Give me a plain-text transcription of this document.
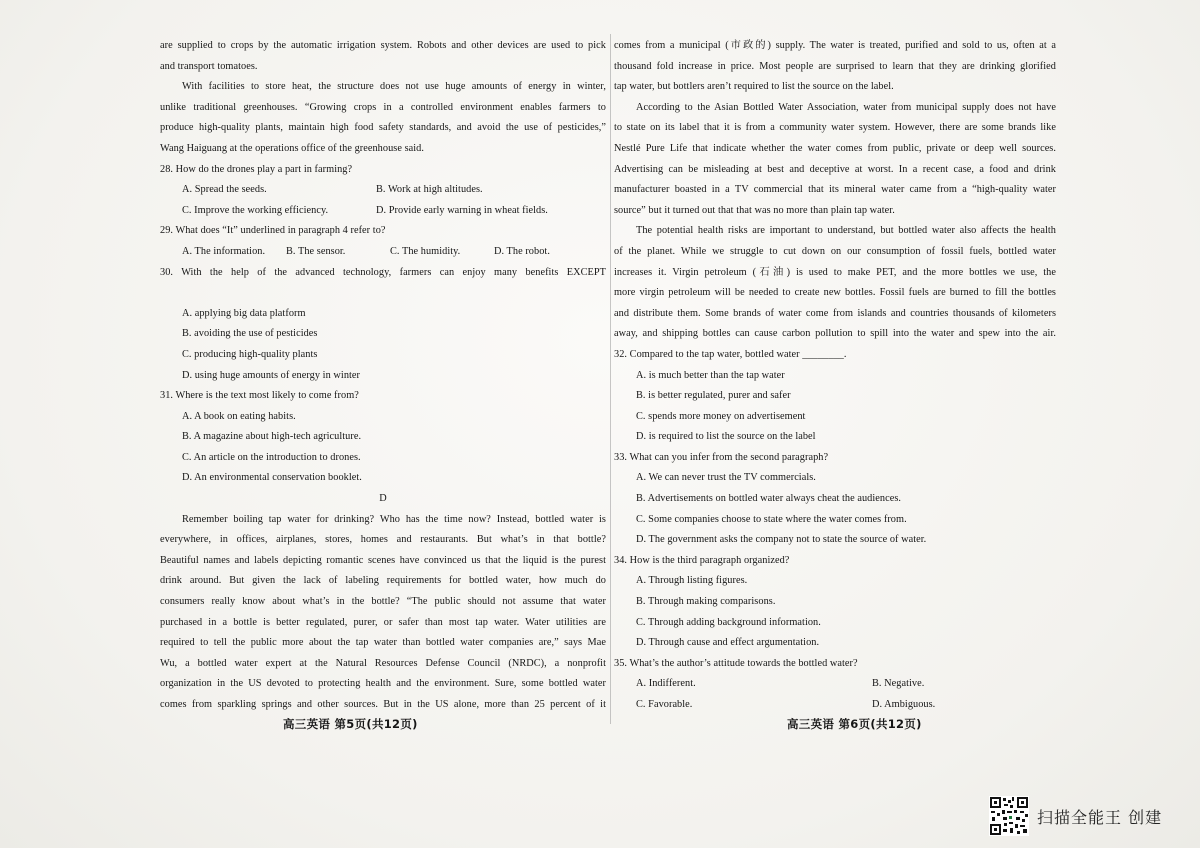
are supplied to crops by the automatic irrigation system. Robots and other devices are used to pick
and transport tomatoes.
With facilities to store heat, the structure does not use huge amounts of energy in winter,
unlike traditional greenhouses. “Growing crops in a controlled environment enables farmers to
produce high-quality plants, maintain high food safety standards, and avoid the use of pesticides,”
Wang Haiguang at the operations office of the greenhouse said.
28. How do the drones play a part in farming?
A. Spread the seeds.	B. Work at high altitudes.
C. Improve the working efficiency.	D. Provide early warning in wheat fields.
29. What does “It” underlined in paragraph 4 refer to?
A. The information.	B. The sensor.	C. The humidity.	D. The robot.
30. With the help of the advanced technology, farmers can enjoy many benefits EXCEPT

A. applying big data platform
B. avoiding the use of pesticides
C. producing high-quality plants
D. using huge amounts of energy in winter
31. Where is the text most likely to come from?
A. A book on eating habits.
B. A magazine about high-tech agriculture.
C. An article on the introduction to drones.
D. An environmental conservation booklet.
D
Remember boiling tap water for drinking? Who has the time now? Instead, bottled water is
everywhere, in offices, airplanes, stores, homes and restaurants. But what’s in that bottle?
Beautiful names and labels depicting romantic scenes have convinced us that the liquid is the purest
drink around. But given the lack of labeling requirements for bottled water, how much do
consumers really know about what’s in the bottle? “The public should not assume that water
purchased in a bottle is better regulated, purer, or safer than most tap water. Water utilities are
required to tell the public more about the tap water than bottled water companies are,” says Mae
Wu, a bottled water expert at the Natural Resources Defense Council (NRDC), a nonprofit
organization in the US devoted to protecting health and the environment. Sure, some bottled water
comes from sparkling springs and other sources. But in the US alone, more than 25 percent of it
comes from a municipal (市政的) supply. The water is treated, purified and sold to us, often at a
thousand fold increase in price. Most people are surprised to learn that they are drinking glorified
tap water, but bottlers aren’t required to list the source on the label.
According to the Asian Bottled Water Association, water from municipal supply does not have
to state on its label that it is from a community water system. However, there are some brands like
Nestlé Pure Life that indicate whether the water comes from public, private or deep well sources.
Advertising can be misleading at best and deceptive at worst. In a recent case, a food and drink
manufacturer boasted in a TV commercial that its mineral water came from a “high-quality water
source” but it turned out that that was no more than plain tap water.
The potential health risks are important to understand, but bottled water also affects the health
of the planet. While we struggle to cut down on our consumption of fossil fuels, bottled water
increases it. Virgin petroleum (石油) is used to make PET, and the more bottles we use, the
more virgin petroleum will be needed to create new bottles. Fossil fuels are burned to fill the bottles
and distribute them. Some brands of water come from islands and countries thousands of kilometers
away, and shipping bottles can cause carbon pollution to spill into the water and spew into the air.
32. Compared to the tap water, bottled water ________.
A. is much better than the tap water
B. is better regulated, purer and safer
C. spends more money on advertisement
D. is required to list the source on the label
33. What can you infer from the second paragraph?
A. We can never trust the TV commercials.
B. Advertisements on bottled water always cheat the audiences.
C. Some companies choose to state where the water comes from.
D. The government asks the company not to state the source of water.
34. How is the third paragraph organized?
A. Through listing figures.
B. Through making comparisons.
C. Through adding background information.
D. Through cause and effect argumentation.
35. What’s the author’s attitude towards the bottled water?
A. Indifferent.	B. Negative.
C. Favorable.	D. Ambiguous.
高三英语 第5页(共12页)	高三英语 第6页(共12页)
扫描全能王 创建
